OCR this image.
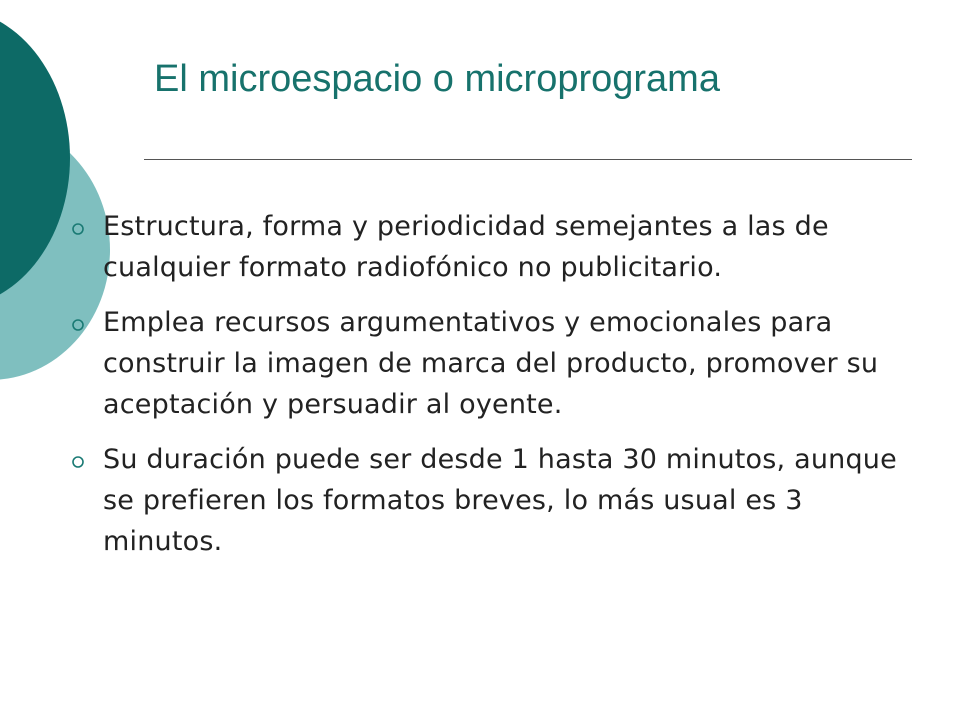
El microespacio o microprograma
Estructura, forma y periodicidad semejantes a las de cualquier formato radiofónico no publicitario.
Emplea recursos argumentativos y emocionales para construir la imagen de marca del producto, promover su aceptación y persuadir al oyente.
Su duración puede ser desde 1 hasta 30 minutos, aunque se prefieren los formatos breves, lo más usual es 3 minutos.
